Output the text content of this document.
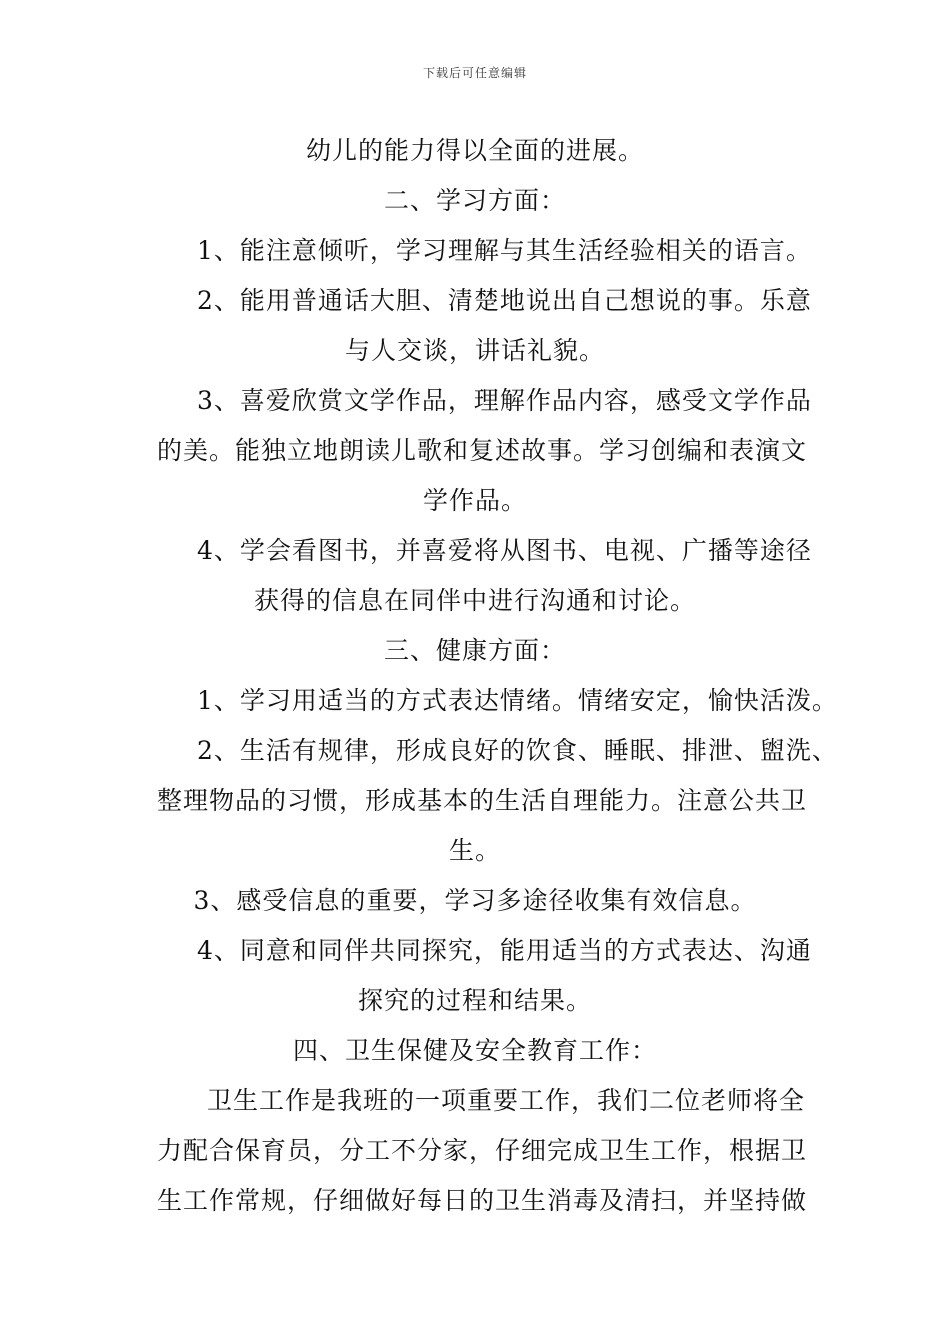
下载后可任意编辑
幼儿的能力得以全面的进展。
二、学习方面：
1、能注意倾听，学习理解与其生活经验相关的语言。
2、能用普通话大胆、清楚地说出自己想说的事。乐意
与人交谈，讲话礼貌。
3、喜爱欣赏文学作品，理解作品内容，感受文学作品
的美。能独立地朗读儿歌和复述故事。学习创编和表演文
学作品。
4、学会看图书，并喜爱将从图书、电视、广播等途径
获得的信息在同伴中进行沟通和讨论。
三、健康方面：
1、学习用适当的方式表达情绪。情绪安定，愉快活泼。
2、生活有规律，形成良好的饮食、睡眠、排泄、盥洗、
整理物品的习惯，形成基本的生活自理能力。注意公共卫
生。
3、感受信息的重要，学习多途径收集有效信息。
4、同意和同伴共同探究，能用适当的方式表达、沟通
探究的过程和结果。
四、卫生保健及安全教育工作：
卫生工作是我班的一项重要工作，我们二位老师将全
力配合保育员，分工不分家，仔细完成卫生工作，根据卫
生工作常规，仔细做好每日的卫生消毒及清扫，并坚持做
